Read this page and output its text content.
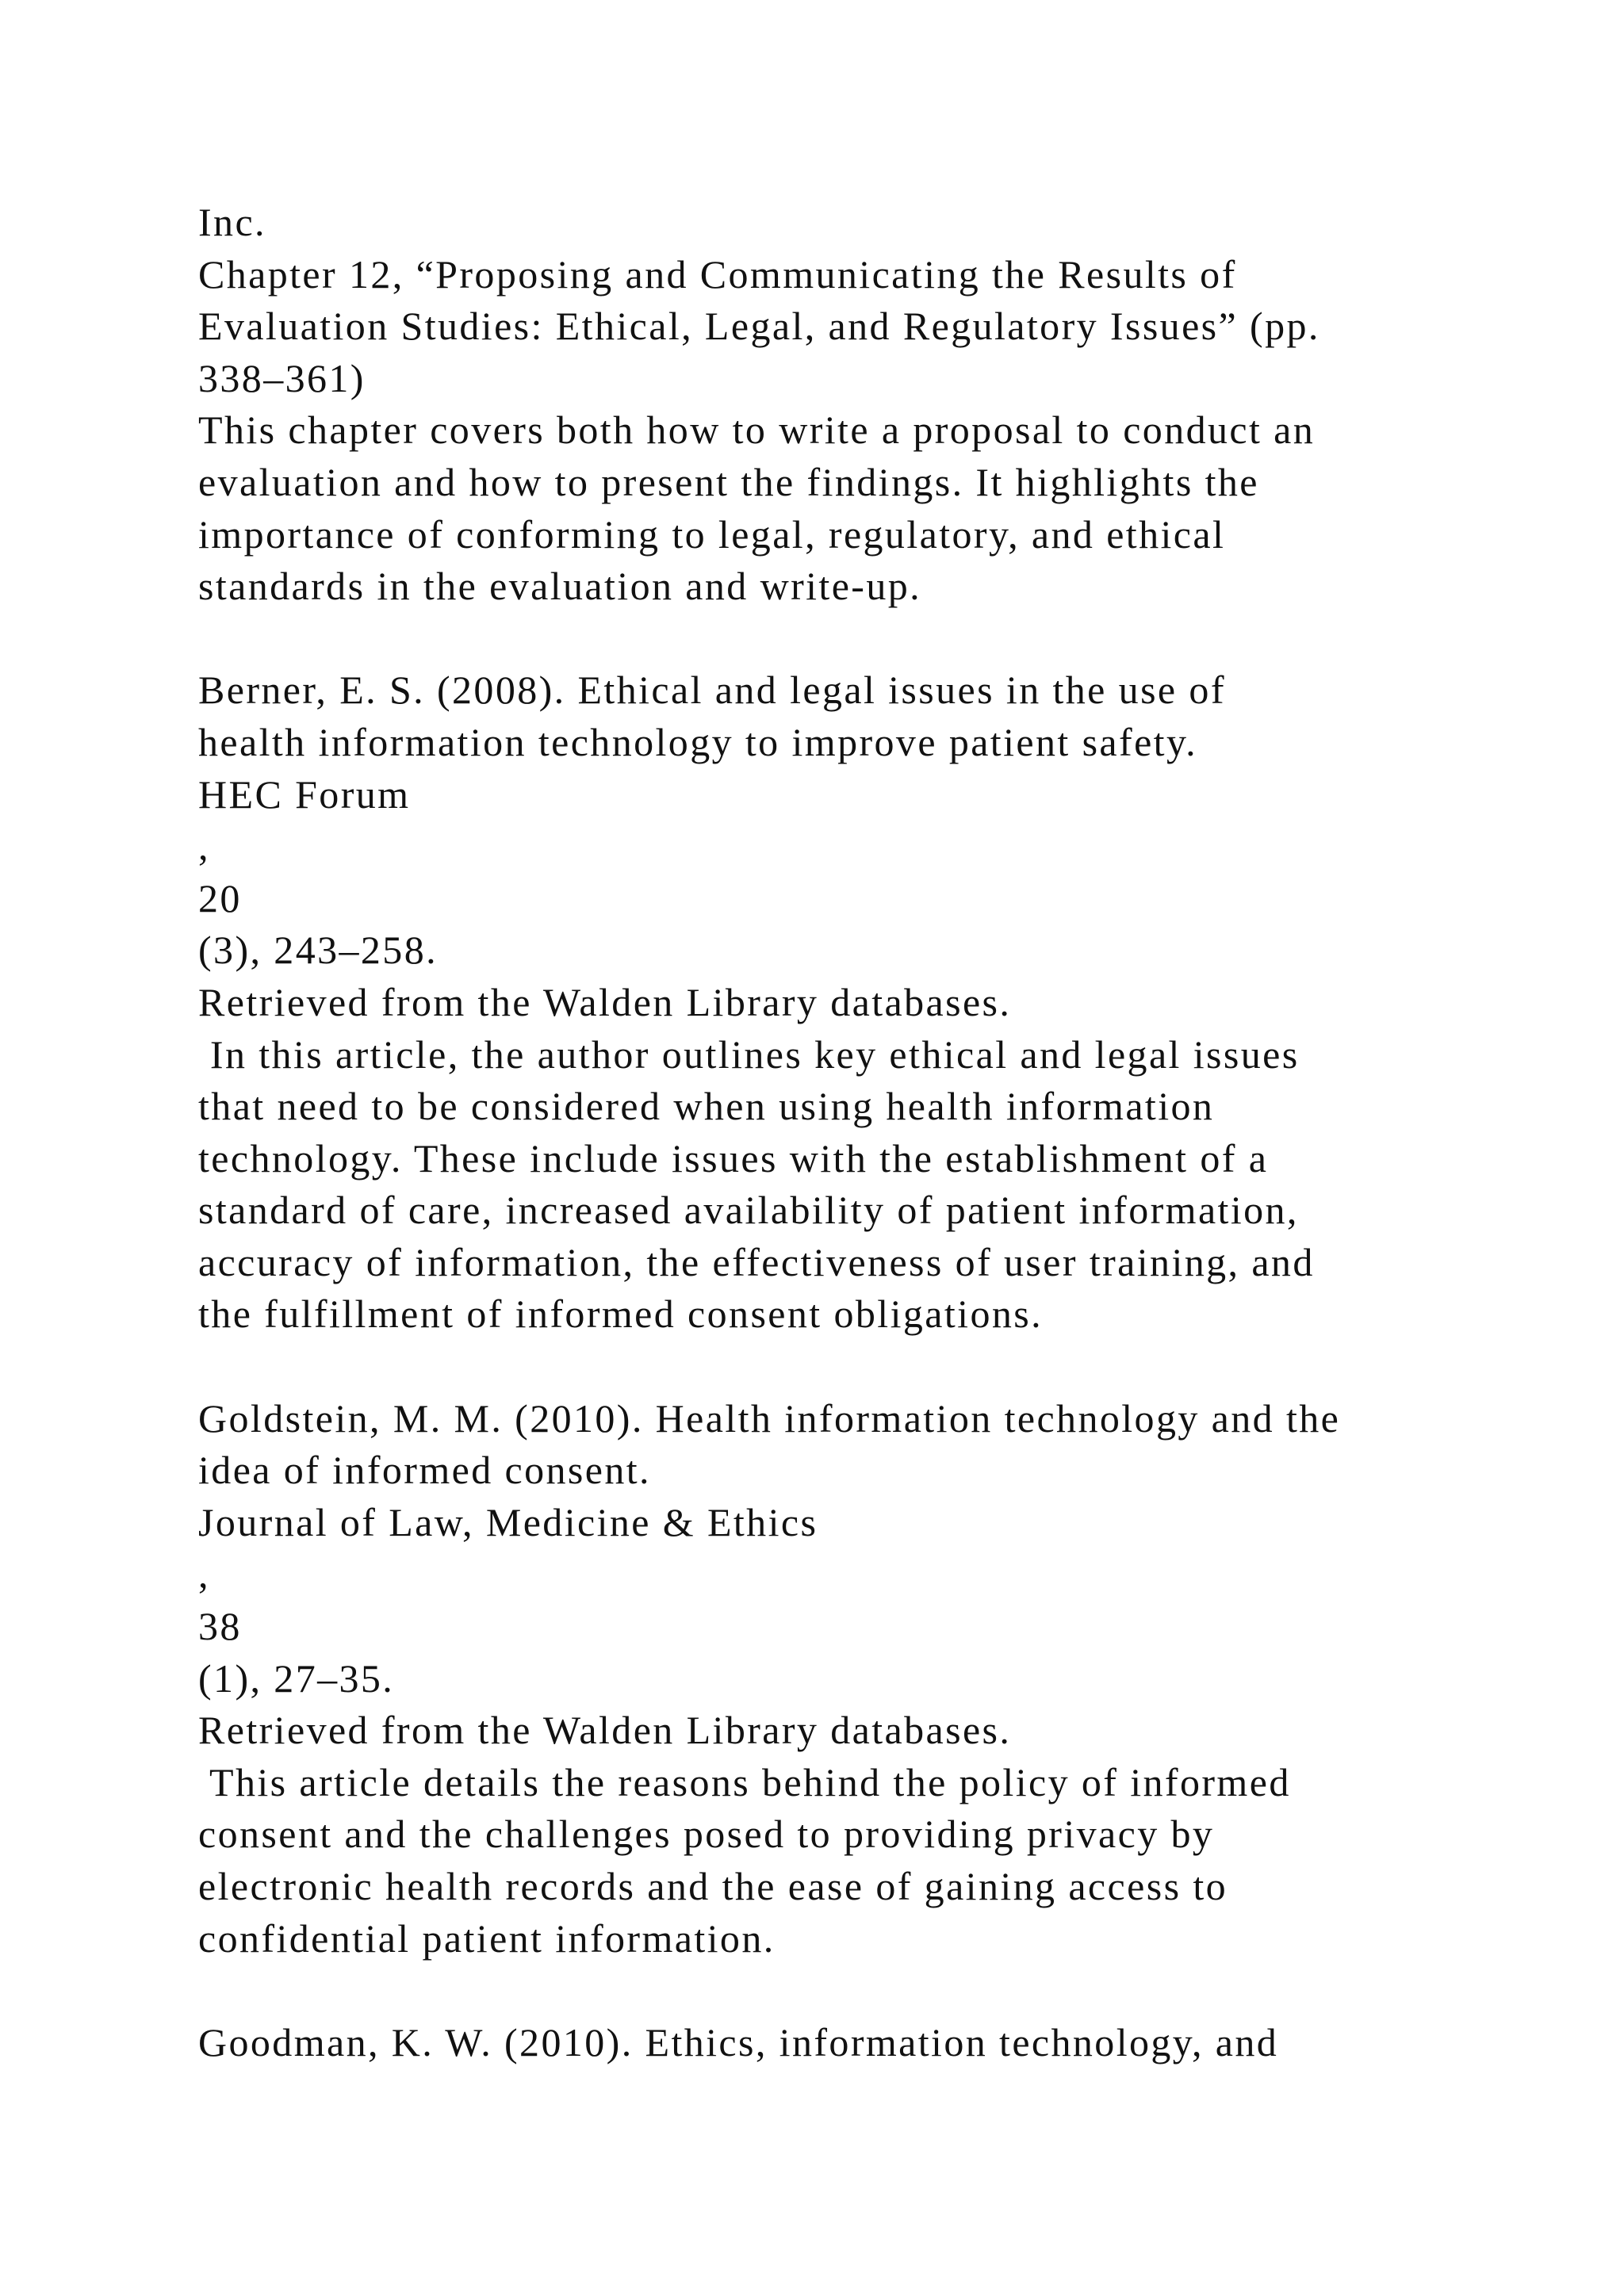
Inc.
Chapter 12, “Proposing and Communicating the Results of
Evaluation Studies: Ethical, Legal, and Regulatory Issues” (pp.
338–361)
This chapter covers both how to write a proposal to conduct an
evaluation and how to present the findings. It highlights the
importance of conforming to legal, regulatory, and ethical
standards in the evaluation and write-up.
Berner, E. S. (2008). Ethical and legal issues in the use of
health information technology to improve patient safety.
HEC Forum
,
20
(3), 243–258.
Retrieved from the Walden Library databases.
In this article, the author outlines key ethical and legal issues
that need to be considered when using health information
technology. These include issues with the establishment of a
standard of care, increased availability of patient information,
accuracy of information, the effectiveness of user training, and
the fulfillment of informed consent obligations.
Goldstein, M. M. (2010). Health information technology and the
idea of informed consent.
Journal of Law, Medicine & Ethics
,
38
(1), 27–35.
Retrieved from the Walden Library databases.
This article details the reasons behind the policy of informed
consent and the challenges posed to providing privacy by
electronic health records and the ease of gaining access to
confidential patient information.
Goodman, K. W. (2010). Ethics, information technology, and
